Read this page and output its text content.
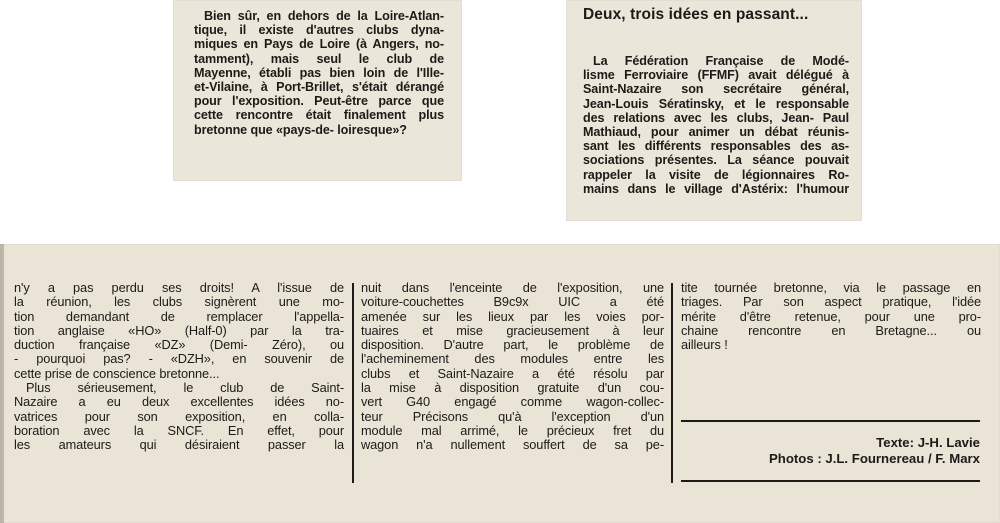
Bien sûr, en dehors de la Loire-Atlan-
tique, il existe d'autres clubs dyna-
miques en Pays de Loire (à Angers, no-
tamment), mais seul le club de
Mayenne, établi pas bien loin de l'Ille-
et-Vilaine, à Port-Brillet, s'était dérangé
pour l'exposition. Peut-être parce que
cette rencontre était finalement plus
bretonne que «pays-de- loiresque»?
Deux, trois idées en passant...
La Fédération Française de Modé-
lisme Ferroviaire (FFMF) avait délégué à
Saint-Nazaire son secrétaire général,
Jean-Louis Sératinsky, et le responsable
des relations avec les clubs, Jean- Paul
Mathiaud, pour animer un débat réunis-
sant les différents responsables des as-
sociations présentes. La séance pouvait
rappeler la visite de légionnaires Ro-
mains dans le village d'Astérix: l'humour
n'y a pas perdu ses droits! A l'issue de
la réunion, les clubs signèrent une mo-
tion demandant de remplacer l'appella-
tion anglaise «HO» (Half-0) par la tra-
duction française «DZ» (Demi- Zéro), ou
- pourquoi pas? - «DZH», en souvenir de
cette prise de conscience bretonne...
Plus sérieusement, le club de Saint-
Nazaire a eu deux excellentes idées no-
vatrices pour son exposition, en colla-
boration avec la SNCF. En effet, pour
les amateurs qui désiraient passer la
nuit dans l'enceinte de l'exposition, une
voiture-couchettes B9c9x UIC a été
amenée sur les lieux par les voies por-
tuaires et mise gracieusement à leur
disposition. D'autre part, le problème de
l'acheminement des modules entre les
clubs et Saint-Nazaire a été résolu par
la mise à disposition gratuite d'un cou-
vert G40 engagé comme wagon-collec-
teur Précisons qu'à l'exception d'un
module mal arrimé, le précieux fret du
wagon n'a nullement souffert de sa pe-
tite tournée bretonne, via le passage en
triages. Par son aspect pratique, l'idée
mérite d'être retenue, pour une pro-
chaine rencontre en Bretagne... ou
ailleurs !
Texte: J-H. Lavie
Photos : J.L. Fournereau / F. Marx
